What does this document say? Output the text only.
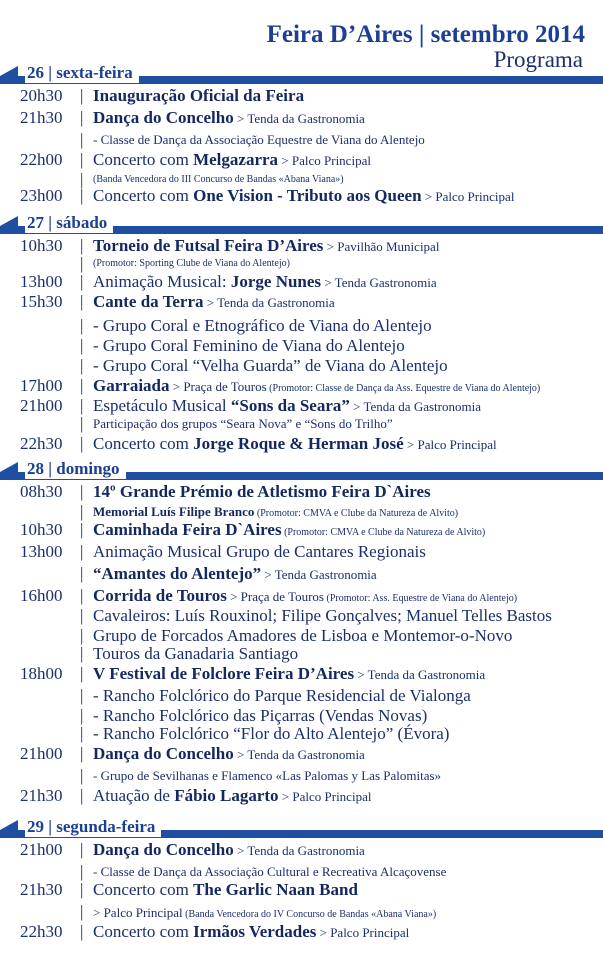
Feira D’Aires | setembro 2014
Programa
26 | sexta-feira
20h30 | Inauguração Oficial da Feira
21h30 | Dança do Concelho > Tenda da Gastronomia
| - Classe de Dança da Associação Equestre de Viana do Alentejo
22h00 | Concerto com Melgazarra > Palco Principal
| (Banda Vencedora do III Concurso de Bandas «Abana Viana»)
23h00 | Concerto com One Vision - Tributo aos Queen > Palco Principal
27 | sábado
10h30 | Torneio de Futsal Feira D’Aires > Pavilhão Municipal
| (Promotor: Sporting Clube de Viana do Alentejo)
13h00 | Animação Musical: Jorge Nunes > Tenda Gastronomia
15h30 | Cante da Terra > Tenda da Gastronomia
| - Grupo Coral e Etnográfico de Viana do Alentejo
| - Grupo Coral Feminino de Viana do Alentejo
| - Grupo Coral “Velha Guarda” de Viana do Alentejo
17h00 | Garraiada > Praça de Touros (Promotor: Classe de Dança da Ass. Equestre de Viana do Alentejo)
21h00 | Espetáculo Musical “Sons da Seara” > Tenda da Gastronomia
| Participação dos grupos “Seara Nova” e “Sons do Trilho”
22h30 | Concerto com Jorge Roque & Herman José > Palco Principal
28 | domingo
08h30 | 14º Grande Prémio de Atletismo Feira D`Aires
| Memorial Luís Filipe Branco (Promotor: CMVA e Clube da Natureza de Alvito)
10h30 | Caminhada Feira D`Aires (Promotor: CMVA e Clube da Natureza de Alvito)
13h00 | Animação Musical Grupo de Cantares Regionais
| “Amantes do Alentejo” > Tenda Gastronomia
16h00 | Corrida de Touros > Praça de Touros (Promotor: Ass. Equestre de Viana do Alentejo)
| Cavaleiros: Luís Rouxinol; Filipe Gonçalves; Manuel Telles Bastos
| Grupo de Forcados Amadores de Lisboa e Montemor-o-Novo
| Touros da Ganadaria Santiago
18h00 | V Festival de Folclore Feira D’Aires > Tenda da Gastronomia
| - Rancho Folclórico do Parque Residencial de Vialonga
| - Rancho Folclórico das Piçarras (Vendas Novas)
| - Rancho Folclórico “Flor do Alto Alentejo” (Évora)
21h00 | Dança do Concelho > Tenda da Gastronomia
| - Grupo de Sevilhanas e Flamenco «Las Palomas y Las Palomitas»
21h30 | Atuação de Fábio Lagarto > Palco Principal
29 | segunda-feira
21h00 | Dança do Concelho > Tenda da Gastronomia
| - Classe de Dança da Associação Cultural e Recreativa Alcaçovense
21h30 | Concerto com The Garlic Naan Band
| > Palco Principal (Banda Vencedora do IV Concurso de Bandas «Abana Viana»)
22h30 | Concerto com Irmãos Verdades > Palco Principal
